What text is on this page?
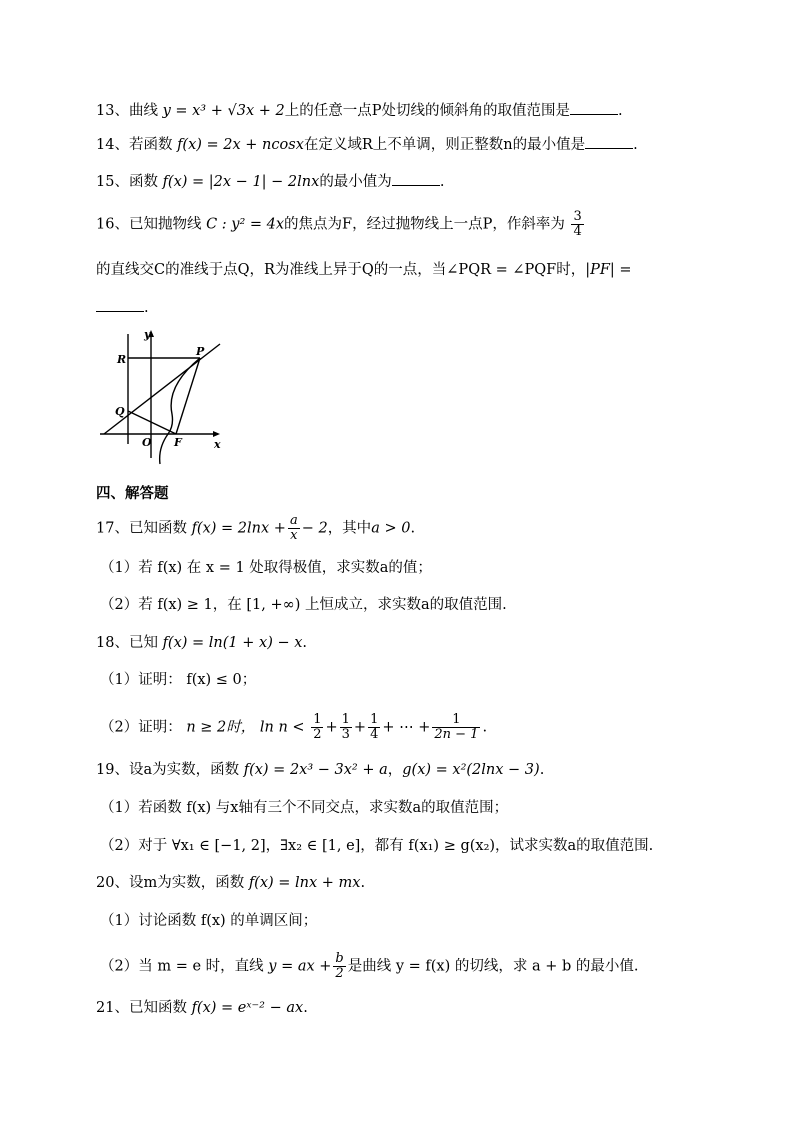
13、曲线 y = x³ + √3x + 2上的任意一点P处切线的倾斜角的取值范围是	.
14、若函数 f(x) = 2x + ncosx在定义域R上不单调，则正整数n的最小值是	.
15、函数 f(x) = |2x − 1| − 2lnx的最小值为	.
16、已知抛物线 C : y² = 4x的焦点为F，经过抛物线上一点P，作斜率为 $\frac{3}{4}$
的直线交C的准线于点Q，R为准线上异于Q的一点，当∠PQR = ∠PQF时，|PF| =
.
y
x
R
P
Q
O F
四、解答题
17、已知函数 $f(x) = 2\ln x + \frac{a}{x} - 2$，其中a > 0.
（1）若 f(x) 在 x = 1 处取得极值，求实数a的值；
（2）若 f(x) ≥ 1，在 [1, +∞) 上恒成立，求实数a的取值范围.
18、已知 f(x) = ln(1 + x) − x.
（1）证明： f(x) ≤ 0；
（2）证明： n ≥ 2时， $\ln n < \frac{1}{2} + \frac{1}{3} + \frac{1}{4}$ + ⋯ + $\frac{1}{2n - 1}$ .
19、设a为实数，函数 f(x) = 2x³ − 3x² + a，g(x) = x²(2lnx − 3).
（1）若函数 f(x) 与x轴有三个不同交点，求实数a的取值范围；
（2）对于 ∀x₁ ∈ [−1, 2]，∃x₂ ∈ [1, e]，都有 f(x₁) ≥ g(x₂)，试求实数a的取值范围.
20、设m为实数，函数 f(x) = lnx + mx.
（1）讨论函数 f(x) 的单调区间；
（2）当 m = e 时，直线 y = ax + $\frac{b}{2}$ 是曲线 y = f(x) 的切线，求 a + b 的最小值.
21、已知函数 f(x) = eˣ⁻² − ax.
